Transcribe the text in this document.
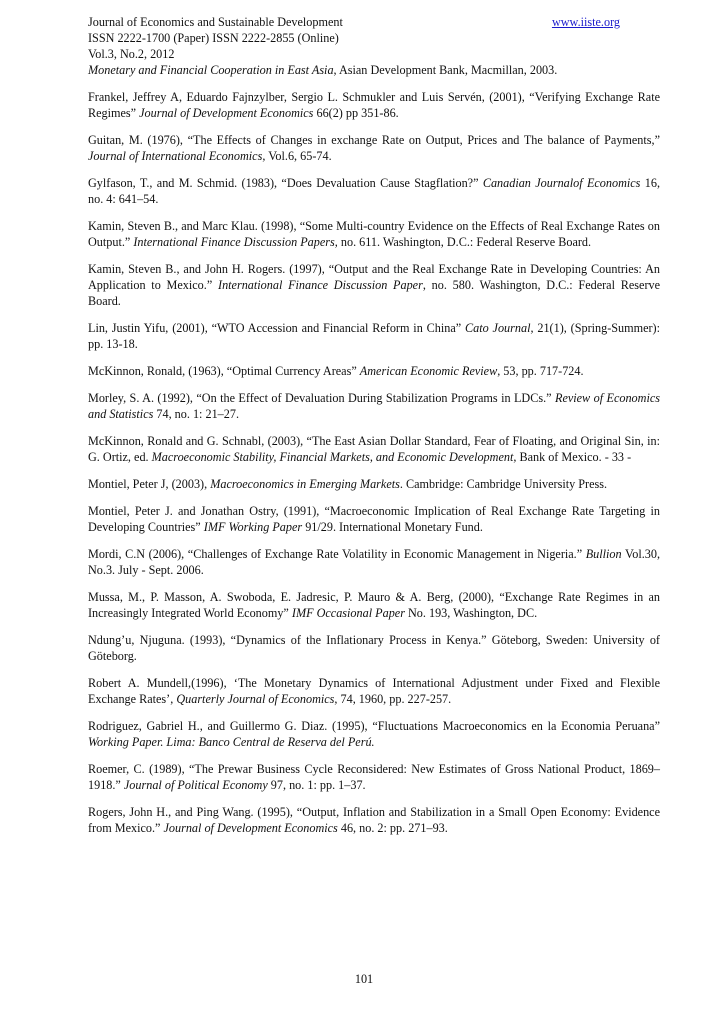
Journal of Economics and Sustainable Development	www.iiste.org
ISSN 2222-1700 (Paper) ISSN 2222-2855 (Online)
Vol.3, No.2, 2012

Monetary and Financial Cooperation in East Asia, Asian Development Bank, Macmillan, 2003.

Frankel, Jeffrey A, Eduardo Fajnzylber, Sergio L. Schmukler and Luis Servén, (2001), “Verifying Exchange Rate Regimes” Journal of Development Economics 66(2) pp 351-86.

Guitan, M. (1976), “The Effects of Changes in exchange Rate on Output, Prices and The balance of Payments,” Journal of International Economics, Vol.6, 65-74.

Gylfason, T., and M. Schmid. (1983), “Does Devaluation Cause Stagflation?” Canadian Journalof Economics 16, no. 4: 641–54.

Kamin, Steven B., and Marc Klau. (1998), “Some Multi-country Evidence on the Effects of Real Exchange Rates on Output.” International Finance Discussion Papers, no. 611. Washington, D.C.: Federal Reserve Board.

Kamin, Steven B., and John H. Rogers. (1997), “Output and the Real Exchange Rate in Developing Countries: An Application to Mexico.” International Finance Discussion Paper, no. 580. Washington, D.C.: Federal Reserve Board.

Lin, Justin Yifu, (2001), “WTO Accession and Financial Reform in China” Cato Journal, 21(1), (Spring-Summer): pp. 13-18.

McKinnon, Ronald, (1963), “Optimal Currency Areas” American Economic Review, 53, pp. 717-724.

Morley, S. A. (1992), “On the Effect of Devaluation During Stabilization Programs in LDCs.” Review of Economics and Statistics 74, no. 1: 21–27.

McKinnon, Ronald and G. Schnabl, (2003), “The East Asian Dollar Standard, Fear of Floating, and Original Sin, in: G. Ortiz, ed. Macroeconomic Stability, Financial Markets, and Economic Development, Bank of Mexico. - 33 -

Montiel, Peter J, (2003), Macroeconomics in Emerging Markets. Cambridge: Cambridge University Press.

Montiel, Peter J. and Jonathan Ostry, (1991), “Macroeconomic Implication of Real Exchange Rate Targeting in Developing Countries” IMF Working Paper 91/29. International Monetary Fund.

Mordi, C.N (2006), “Challenges of Exchange Rate Volatility in Economic Management in Nigeria.” Bullion Vol.30, No.3. July - Sept. 2006.

Mussa, M., P. Masson, A. Swoboda, E. Jadresic, P. Mauro & A. Berg, (2000), “Exchange Rate Regimes in an Increasingly Integrated World Economy” IMF Occasional Paper No. 193, Washington, DC.

Ndung’u, Njuguna. (1993), “Dynamics of the Inflationary Process in Kenya.” Göteborg, Sweden: University of Göteborg.

Robert A. Mundell,(1996), ‘The Monetary Dynamics of International Adjustment under Fixed and Flexible Exchange Rates’, Quarterly Journal of Economics, 74, 1960, pp. 227-257.

Rodriguez, Gabriel H., and Guillermo G. Diaz. (1995), “Fluctuations Macroeconomics en la Economia Peruana” Working Paper. Lima: Banco Central de Reserva del Perú.

Roemer, C. (1989), “The Prewar Business Cycle Reconsidered: New Estimates of Gross National Product, 1869–1918.” Journal of Political Economy 97, no. 1: pp. 1–37.

Rogers, John H., and Ping Wang. (1995), “Output, Inflation and Stabilization in a Small Open Economy: Evidence from Mexico.” Journal of Development Economics 46, no. 2: pp. 271–93.

101
